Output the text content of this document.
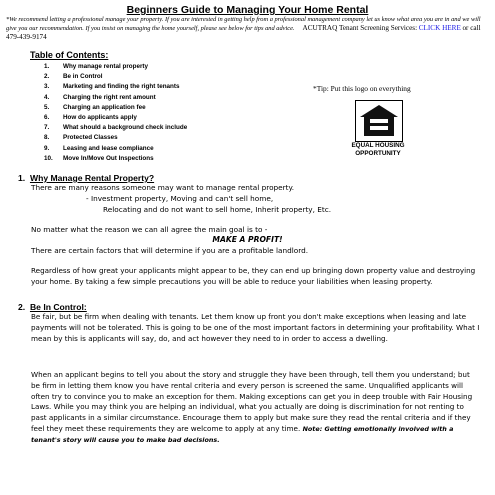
Beginners Guide to Managing Your Home Rental
*We recommend letting a professional manage your property. If you are interested in getting help from a professional management company let us know what area you are in and we will give you our recommendation. If you insist on managing the home yourself, please see below for tips and advice. ACUTRAQ Tenant Screening Services: CLICK HERE or call 479-439-9174
Table of Contents:
1. Why manage rental property
2. Be in Control
3. Marketing and finding the right tenants
4. Charging the right rent amount
5. Charging an application fee
6. How do applicants apply
7. What should a background check include
8. Protected Classes
9. Leasing and lease compliance
10. Move In/Move Out Inspections
*Tip: Put this logo on everything
EQUAL HOUSING
OPPORTUNITY
1. Why Manage Rental Property?
There are many reasons someone may want to manage rental property.
- Investment property, Moving and can't sell home,
Relocating and do not want to sell home, Inherit property, Etc.
No matter what the reason we can all agree the main goal is to -
MAKE A PROFIT!
There are certain factors that will determine if you are a profitable landlord.
Regardless of how great your applicants might appear to be, they can end up bringing down property value and destroying your home. By taking a few simple precautions you will be able to reduce your liabilities when leasing property.
2. Be In Control:
Be fair, but be firm when dealing with tenants. Let them know up front you don't make exceptions when leasing and late payments will not be tolerated. This is going to be one of the most important factors in determining your profitability. What I mean by this is applicants will say, do, and act however they need to in order to access a dwelling.
When an applicant begins to tell you about the story and struggle they have been through, tell them you understand; but be firm in letting them know you have rental criteria and every person is screened the same. Unqualified applicants will often try to convince you to make an exception for them. Making exceptions can get you in deep trouble with Fair Housing Laws. While you may think you are helping an individual, what you actually are doing is discrimination for not renting to past applicants in a similar circumstance. Encourage them to apply but make sure they read the rental criteria and if they feel they meet these requirements they are welcome to apply at any time. Note: Getting emotionally involved with a tenant's story will cause you to make bad decisions.
